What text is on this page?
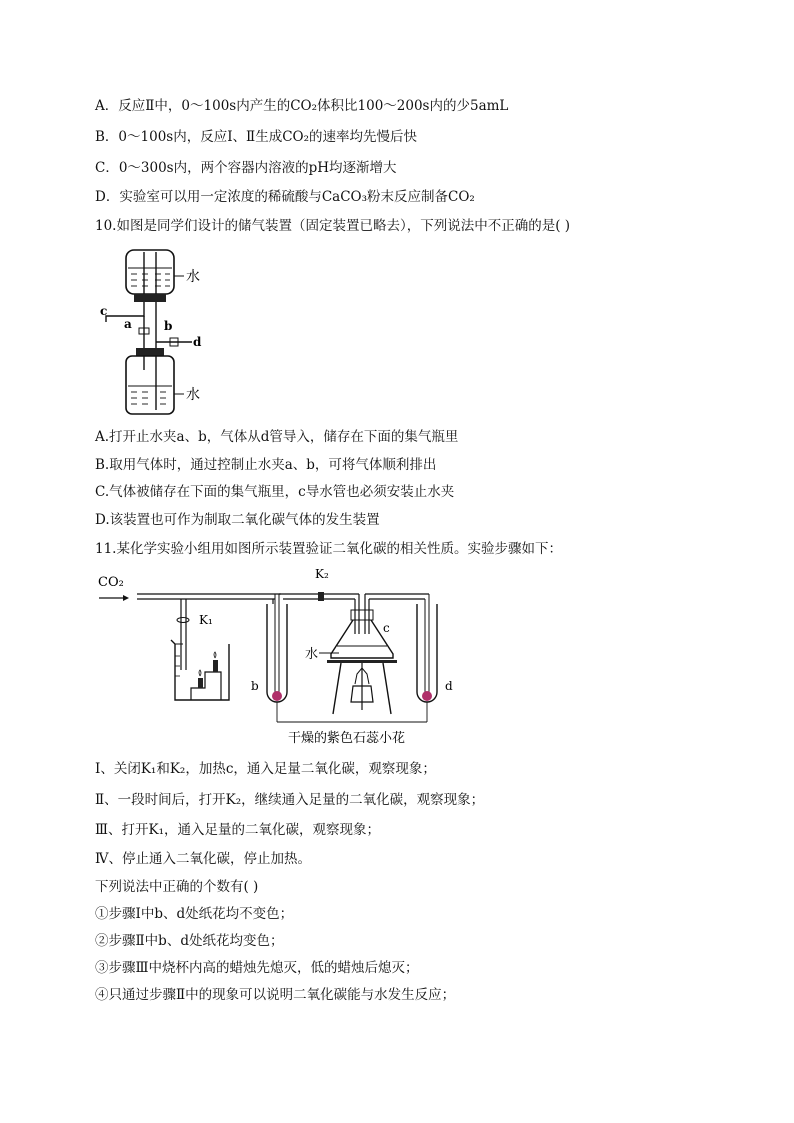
A．反应Ⅱ中，0～100s内产生的CO₂体积比100～200s内的少5amL
B．0～100s内，反应Ⅰ、Ⅱ生成CO₂的速率均先慢后快
C．0～300s内，两个容器内溶液的pH均逐渐增大
D．实验室可以用一定浓度的稀硫酸与CaCO₃粉末反应制备CO₂
10.如图是同学们设计的储气装置（固定装置已略去），下列说法中不正确的是( )
水
c
a	b
d
水
A.打开止水夹a、b，气体从d管导入，储存在下面的集气瓶里
B.取用气体时，通过控制止水夹a、b，可将气体顺利排出
C.气体被储存在下面的集气瓶里，c导水管也必须安装止水夹
D.该装置也可作为制取二氧化碳气体的发生装置
11.某化学实验小组用如图所示装置验证二氧化碳的相关性质。实验步骤如下：
CO₂
K₁
b
K₂
c
水
d
干燥的紫色石蕊小花
Ⅰ、关闭K₁和K₂，加热c，通入足量二氧化碳，观察现象；
Ⅱ、一段时间后，打开K₂，继续通入足量的二氧化碳，观察现象；
Ⅲ、打开K₁，通入足量的二氧化碳，观察现象；
Ⅳ、停止通入二氧化碳，停止加热。
下列说法中正确的个数有( )
①步骤Ⅰ中b、d处纸花均不变色；
②步骤Ⅱ中b、d处纸花均变色；
③步骤Ⅲ中烧杯内高的蜡烛先熄灭，低的蜡烛后熄灭；
④只通过步骤Ⅱ中的现象可以说明二氧化碳能与水发生反应；
